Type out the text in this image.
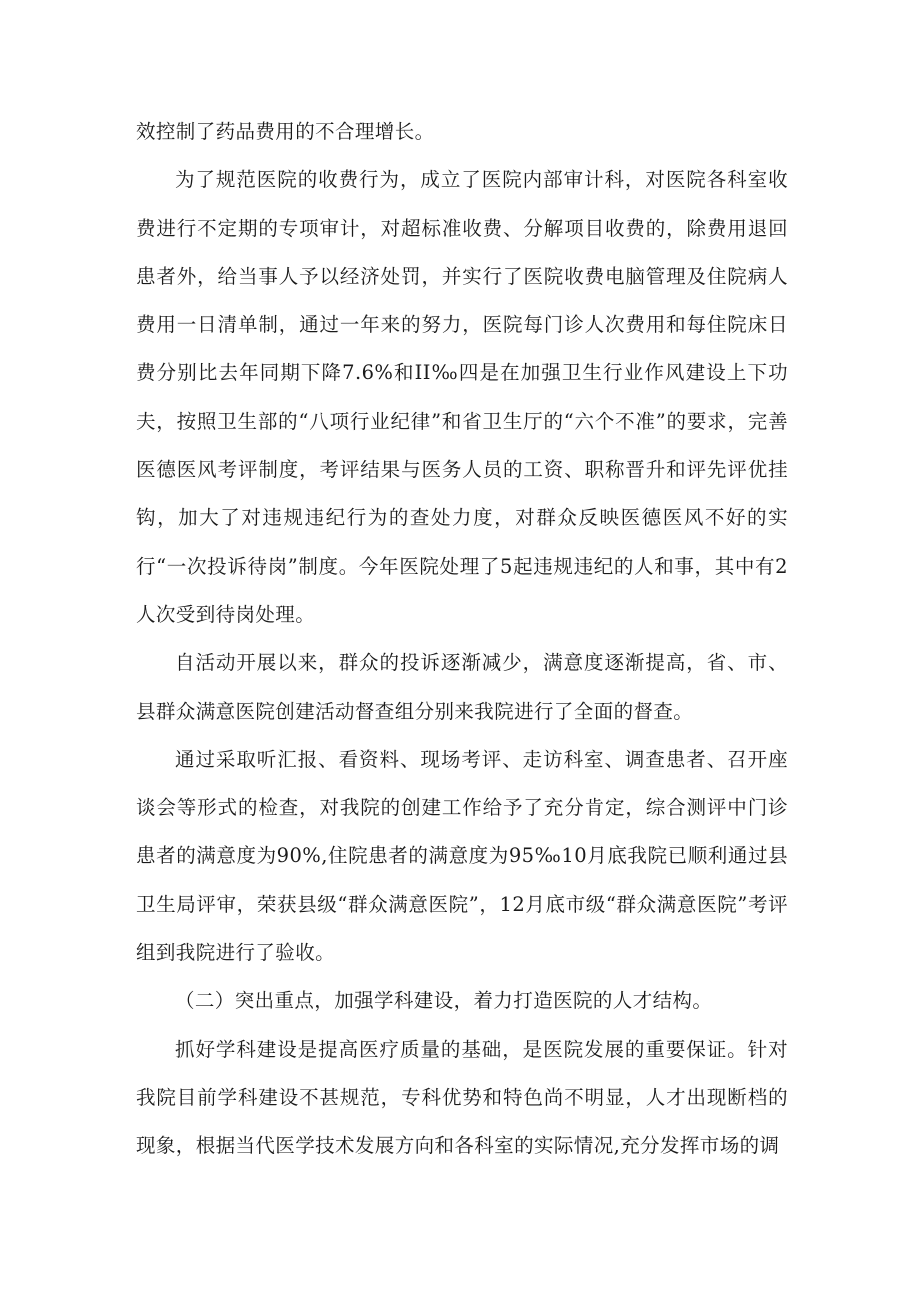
效控制了药品费用的不合理增长。

为了规范医院的收费行为，成立了医院内部审计科，对医院各科室收费进行不定期的专项审计，对超标准收费、分解项目收费的，除费用退回患者外，给当事人予以经济处罚，并实行了医院收费电脑管理及住院病人费用一日清单制，通过一年来的努力，医院每门诊人次费用和每住院床日费分别比去年同期下降7.6%和II‰四是在加强卫生行业作风建设上下功夫，按照卫生部的“八项行业纪律”和省卫生厅的“六个不准”的要求，完善医德医风考评制度，考评结果与医务人员的工资、职称晋升和评先评优挂钩，加大了对违规违纪行为的查处力度，对群众反映医德医风不好的实行“一次投诉待岗”制度。今年医院处理了5起违规违纪的人和事，其中有2人次受到待岗处理。

自活动开展以来，群众的投诉逐渐减少，满意度逐渐提高，省、市、县群众满意医院创建活动督查组分别来我院进行了全面的督查。

通过采取听汇报、看资料、现场考评、走访科室、调查患者、召开座谈会等形式的检查，对我院的创建工作给予了充分肯定，综合测评中门诊患者的满意度为90%,住院患者的满意度为95‰10月底我院已顺利通过县卫生局评审，荣获县级“群众满意医院”，12月底市级“群众满意医院”考评组到我院进行了验收。

（二）突出重点，加强学科建设，着力打造医院的人才结构。

抓好学科建设是提高医疗质量的基础，是医院发展的重要保证。针对我院目前学科建设不甚规范，专科优势和特色尚不明显，人才出现断档的现象，根据当代医学技术发展方向和各科室的实际情况,充分发挥市场的调
